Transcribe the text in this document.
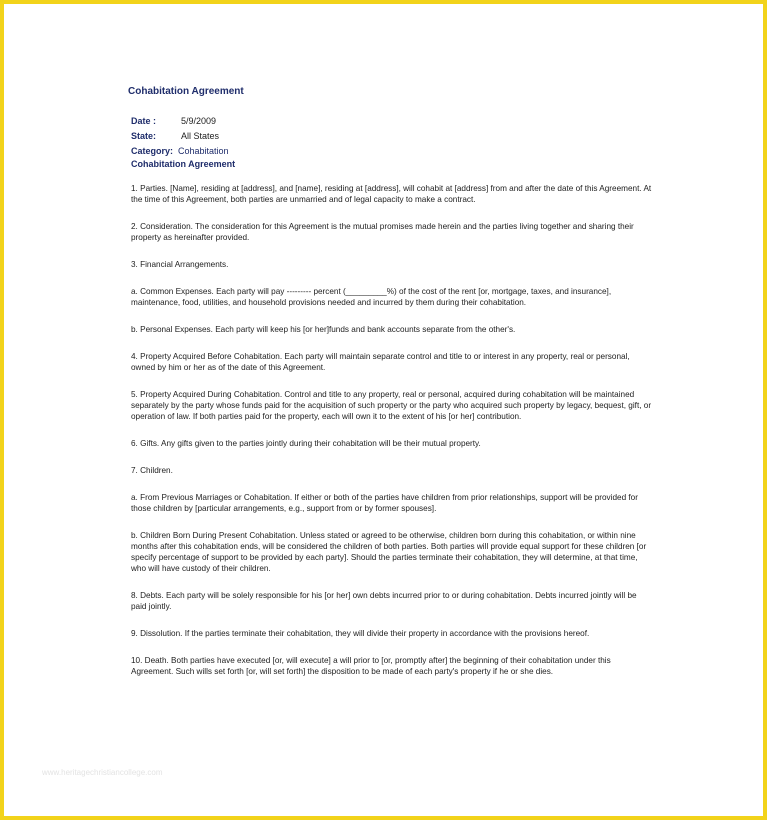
Cohabitation Agreement
Date :	5/9/2009
State:	All States
Category: Cohabitation
Cohabitation Agreement

1. Parties. [Name], residing at [address], and [name], residing at [address], will cohabit at [address] from and after the date of this Agreement. At the time of this Agreement, both parties are unmarried and of legal capacity to make a contract.

2. Consideration. The consideration for this Agreement is the mutual promises made herein and the parties living together and sharing their property as hereinafter provided.

3. Financial Arrangements.

a. Common Expenses. Each party will pay --------- percent (_________%) of the cost of the rent [or, mortgage, taxes, and insurance], maintenance, food, utilities, and household provisions needed and incurred by them during their cohabitation.

b. Personal Expenses. Each party will keep his [or her]funds and bank accounts separate from the other's.

4. Property Acquired Before Cohabitation. Each party will maintain separate control and title to or interest in any property, real or personal, owned by him or her as of the date of this Agreement.

5. Property Acquired During Cohabitation. Control and title to any property, real or personal, acquired during cohabitation will be maintained separately by the party whose funds paid for the acquisition of such property or the party who acquired such property by legacy, bequest, gift, or operation of law. If both parties paid for the property, each will own it to the extent of his [or her] contribution.

6. Gifts. Any gifts given to the parties jointly during their cohabitation will be their mutual property.

7. Children.

a. From Previous Marriages or Cohabitation. If either or both of the parties have children from prior relationships, support will be provided for those children by [particular arrangements, e.g., support from or by former spouses].

b. Children Born During Present Cohabitation. Unless stated or agreed to be otherwise, children born during this cohabitation, or within nine months after this cohabitation ends, will be considered the children of both parties. Both parties will provide equal support for these children [or specify percentage of support to be provided by each party]. Should the parties terminate their cohabitation, they will determine, at that time, who will have custody of their children.

8. Debts. Each party will be solely responsible for his [or her] own debts incurred prior to or during cohabitation. Debts incurred jointly will be paid jointly.

9. Dissolution. If the parties terminate their cohabitation, they will divide their property in accordance with the provisions hereof.

10. Death. Both parties have executed [or, will execute] a will prior to [or, promptly after] the beginning of their cohabitation under this Agreement. Such wills set forth [or, will set forth] the disposition to be made of each party's property if he or she dies.

www.heritagechristiancollege.com
